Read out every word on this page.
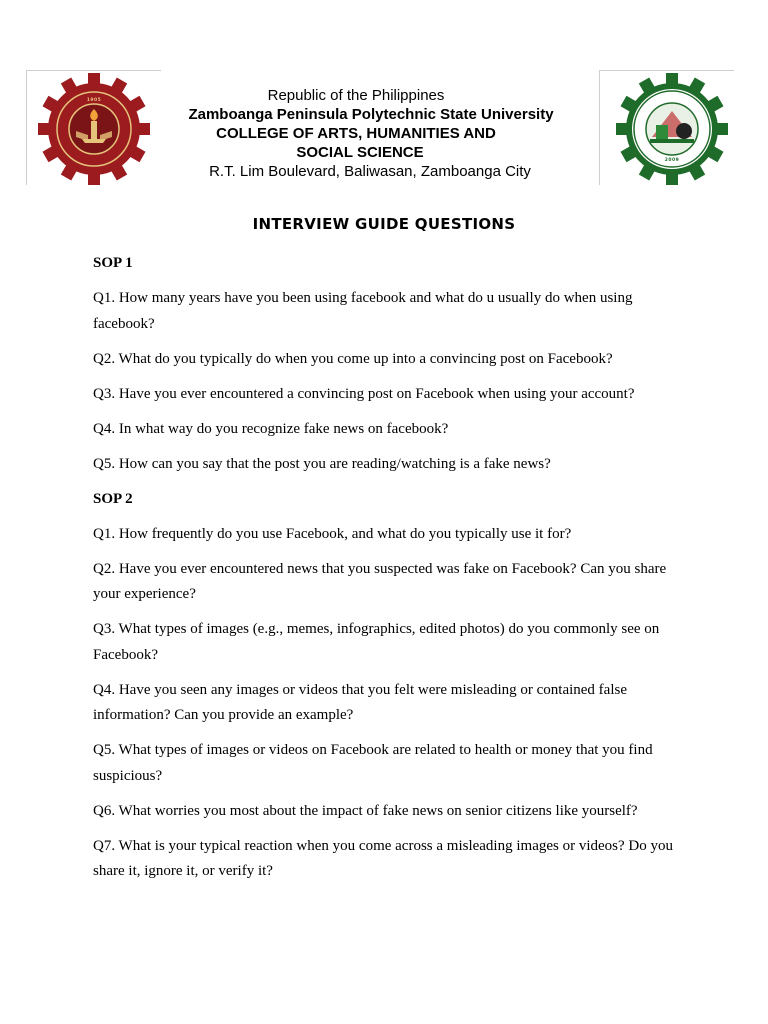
1905	Republic of the Philippines
Zamboanga Peninsula Polytechnic State University
COLLEGE OF ARTS, HUMANITIES AND
SOCIAL SCIENCE
R.T. Lim Boulevard, Baliwasan, Zamboanga City
2009
INTERVIEW GUIDE QUESTIONS
SOP 1
Q1. How many years have you been using facebook and what do u usually do when using facebook?
Q2. What do you typically do when you come up into a convincing post on Facebook?
Q3. Have you ever encountered a convincing post on Facebook when using your account?
Q4. In what way do you recognize fake news on facebook?
Q5. How can you say that the post you are reading/watching is a fake news?
SOP 2
Q1. How frequently do you use Facebook, and what do you typically use it for?
Q2. Have you ever encountered news that you suspected was fake on Facebook? Can you share your experience?
Q3. What types of images (e.g., memes, infographics, edited photos) do you commonly see on Facebook?
Q4. Have you seen any images or videos that you felt were misleading or contained false information? Can you provide an example?
Q5. What types of images or videos on Facebook are related to health or money that you find suspicious?
Q6. What worries you most about the impact of fake news on senior citizens like yourself?
Q7. What is your typical reaction when you come across a misleading images or videos? Do you share it, ignore it, or verify it?
